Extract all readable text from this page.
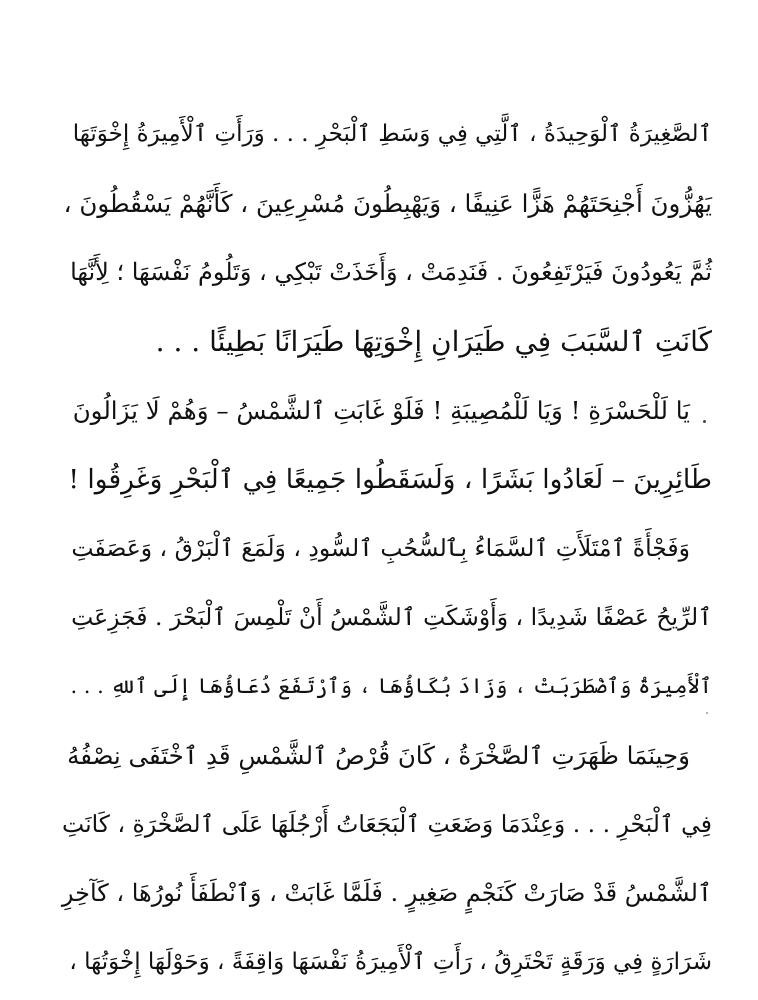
ٱلصَّغِيرَةُ ٱلْوَحِيدَةُ ، ٱلَّتِي فِي وَسَطِ ٱلْبَحْرِ . . . وَرَأَتِ ٱلْأَمِيرَةُ إِخْوَتَهَا
يَهُزُّونَ أَجْنِحَتَهُمْ هَزًّا عَنِيفًا ، وَيَهْبِطُونَ مُسْرِعِينَ ، كَأَنَّهُمْ يَسْقُطُونَ ،
ثُمَّ يَعُودُونَ فَيَرْتَفِعُونَ . فَنَدِمَتْ ، وَأَخَذَتْ تَبْكِي ، وَتَلُومُ نَفْسَهَا ؛ لِأَنَّهَا
كَانَتِ ٱلسَّبَبَ فِي طَيَرَانِ إِخْوَتِهَا طَيَرَانًا بَطِيئًا . . .
يَا لَلْحَسْرَةِ ! وَيَا لَلْمُصِيبَةِ ! فَلَوْ غَابَتِ ٱلشَّمْسُ – وَهُمْ لَا يَزَالُونَ
طَائِرِينَ – لَعَادُوا بَشَرًا ، وَلَسَقَطُوا جَمِيعًا فِي ٱلْبَحْرِ وَغَرِقُوا !
وَفَجْأَةً ٱمْتَلَأَتِ ٱلسَّمَاءُ بِٱلسُّحُبِ ٱلسُّودِ ، وَلَمَعَ ٱلْبَرْقُ ، وَعَصَفَتِ
ٱلرِّيحُ عَصْفًا شَدِيدًا ، وَأَوْشَكَتِ ٱلشَّمْسُ أَنْ تَلْمِسَ ٱلْبَحْرَ . فَجَزِعَتِ
ٱلْأَمِيرَةُ وَٱضْطَرَبَتْ ، وَزَادَ بُكَاؤُهَا ، وَٱرْتَفَعَ دُعَاؤُهَا إِلَى ٱللهِ . . .
وَحِينَمَا ظَهَرَتِ ٱلصَّخْرَةُ ، كَانَ قُرْصُ ٱلشَّمْسِ قَدِ ٱخْتَفَى نِصْفُهُ
فِي ٱلْبَحْرِ . . . وَعِنْدَمَا وَضَعَتِ ٱلْبَجَعَاتُ أَرْجُلَهَا عَلَى ٱلصَّخْرَةِ ، كَانَتِ
ٱلشَّمْسُ قَدْ صَارَتْ كَنَجْمٍ صَغِيرٍ . فَلَمَّا غَابَتْ ، وَٱنْطَفَأَ نُورُهَا ، كَآخِرِ
شَرَارَةٍ فِي وَرَقَةٍ تَحْتَرِقُ ، رَأَتِ ٱلْأَمِيرَةُ نَفْسَهَا وَاقِفَةً ، وَحَوْلَهَا إِخْوَتُهَا ،
